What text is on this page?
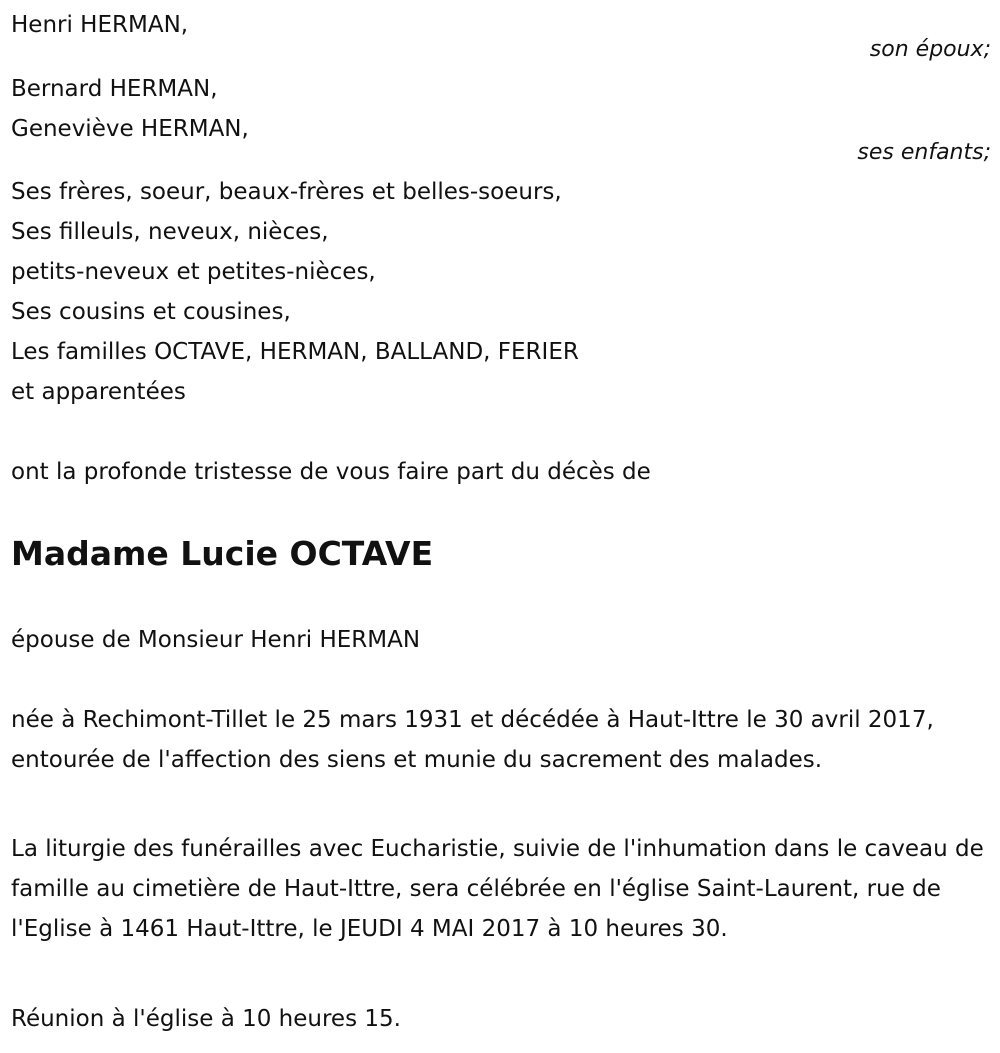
Henri HERMAN,
son époux;
Bernard HERMAN,
Geneviève HERMAN,
ses enfants;
Ses frères, soeur, beaux-frères et belles-soeurs,
Ses filleuls, neveux, nièces,
petits-neveux et petites-nièces,
Ses cousins et cousines,
Les familles OCTAVE, HERMAN, BALLAND, FERIER
et apparentées
ont la profonde tristesse de vous faire part du décès de
Madame Lucie OCTAVE
épouse de Monsieur Henri HERMAN
née à Rechimont-Tillet le 25 mars 1931 et décédée à Haut-Ittre le 30 avril 2017, entourée de l'affection des siens et munie du sacrement des malades.
La liturgie des funérailles avec Eucharistie, suivie de l'inhumation dans le caveau de famille au cimetière de Haut-Ittre, sera célébrée en l'église Saint-Laurent, rue de l'Eglise à 1461 Haut-Ittre, le JEUDI 4 MAI 2017 à 10 heures 30.
Réunion à l'église à 10 heures 15.
